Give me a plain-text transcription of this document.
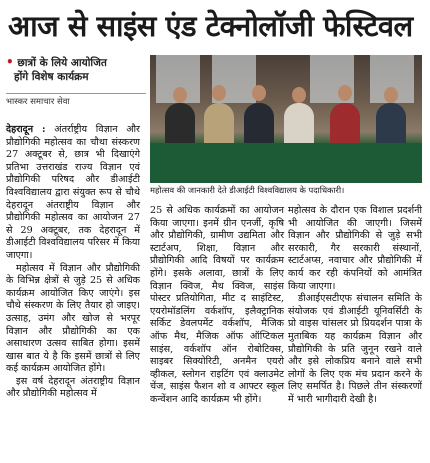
आज से साइंस एंड टेक्नोलॉजी फेस्टिवल
• छात्रों के लिये आयोजित
होंगे विशेष कार्यक्रम
भास्कर समाचार सेवा
महोत्सव की जानकारी देते डीआईटी विश्वविद्यालय के पदाधिकारी।

देहरादून : अंतर्राष्ट्रीय विज्ञान और प्रौद्योगिकी महोत्सव का चौथा संस्करण 27 अक्टूबर से, छात्र भी दिखाएंगे प्रतिभा उत्तराखंड राज्य विज्ञान एवं प्रौद्योगिकी परिषद और डीआईटी विश्वविद्यालय द्वारा संयुक्त रूप से चौथे देहरादून अंतराष्ट्रीय विज्ञान और प्रौद्योगिकी महोत्सव का आयोजन 27 से 29 अक्टूबर, तक देहरादून में डीआईटी विश्वविद्यालय परिसर में किया जाएगा।

महोत्सव में विज्ञान और प्रौद्योगिकी के विभिन्न क्षेत्रों से जुड़े 25 से अधिक कार्यक्रम आयोजित किए जाएंगे। इस चौथे संस्करण के लिए तैयार हो जाइए। उत्साह, उमंग और खोज से भरपूर विज्ञान और प्रौद्योगिकी का एक असाधारण उत्सव साबित होगा। इसमें खास बात ये है कि इसमें छात्रों से लिए कई कार्यक्रम आयोजित होंगे।

इस वर्ष देहरादून अंतराष्ट्रीय विज्ञान और प्रौद्योगिकी महोत्सव में

25 से अधिक कार्यक्रमों का आयोजन किया जाएगा। इनमें ग्रीन एनर्जी, कृषि और प्रौद्योगिकी, ग्रामीण उद्यमिता और स्टार्टअप, शिक्षा, विज्ञान और प्रौद्योगिकी आदि विषयों पर कार्यक्रम होंगे। इसके अलावा, छात्रों के लिए विज्ञान क्विज, मैथ क्विज, साइंस पोस्टर प्रतियोगिता, मीट द साइंटिस्ट, एयरोमॉडलिंग वर्कशॉप, इलैक्ट्रानिक सर्किट डेवलपमेंट वर्कशॉप, मैजिक ऑफ मैथ, मैजिक ऑफ ऑप्टिकल साइंस, वर्कशॉप ऑन रोबोटिक्स, साइबर सिक्योरिटी, अनमैन एयरो व्हीकल, स्लोगन राइटिंग एवं क्लाउमेट चेंज, साइंस फैशन शो व आफ्टर स्कूल कन्वेंशन आदि कार्यक्रम भी होंगे।

महोत्सव के दौरान एक विशाल प्रदर्शनी भी आयोजित की जाएगी। जिसमें विज्ञान और प्रौद्योगिकी से जुड़े सभी सरकारी, गैर सरकारी संस्थानों, स्टार्टअप्स, नवाचार और प्रौद्योगिकी में कार्य कर रही कंपनियों को आमंत्रित किया जाएगा।

डीआईएसटीएफ संचालन समिति के संयोजक एवं डीआईटी यूनिवर्सिटी के प्रो वाइस चांसलर प्रो प्रियदर्शन पात्रा के मुताबिक यह कार्यक्रम विज्ञान और प्रौद्योगिकी के प्रति जुनून रखने वाले और इसे लोकप्रिय बनाने वाले सभी लोगों के लिए एक मंच प्रदान करने के लिए समर्पित है। पिछले तीन संस्करणों में भारी भागीदारी देखी है।
